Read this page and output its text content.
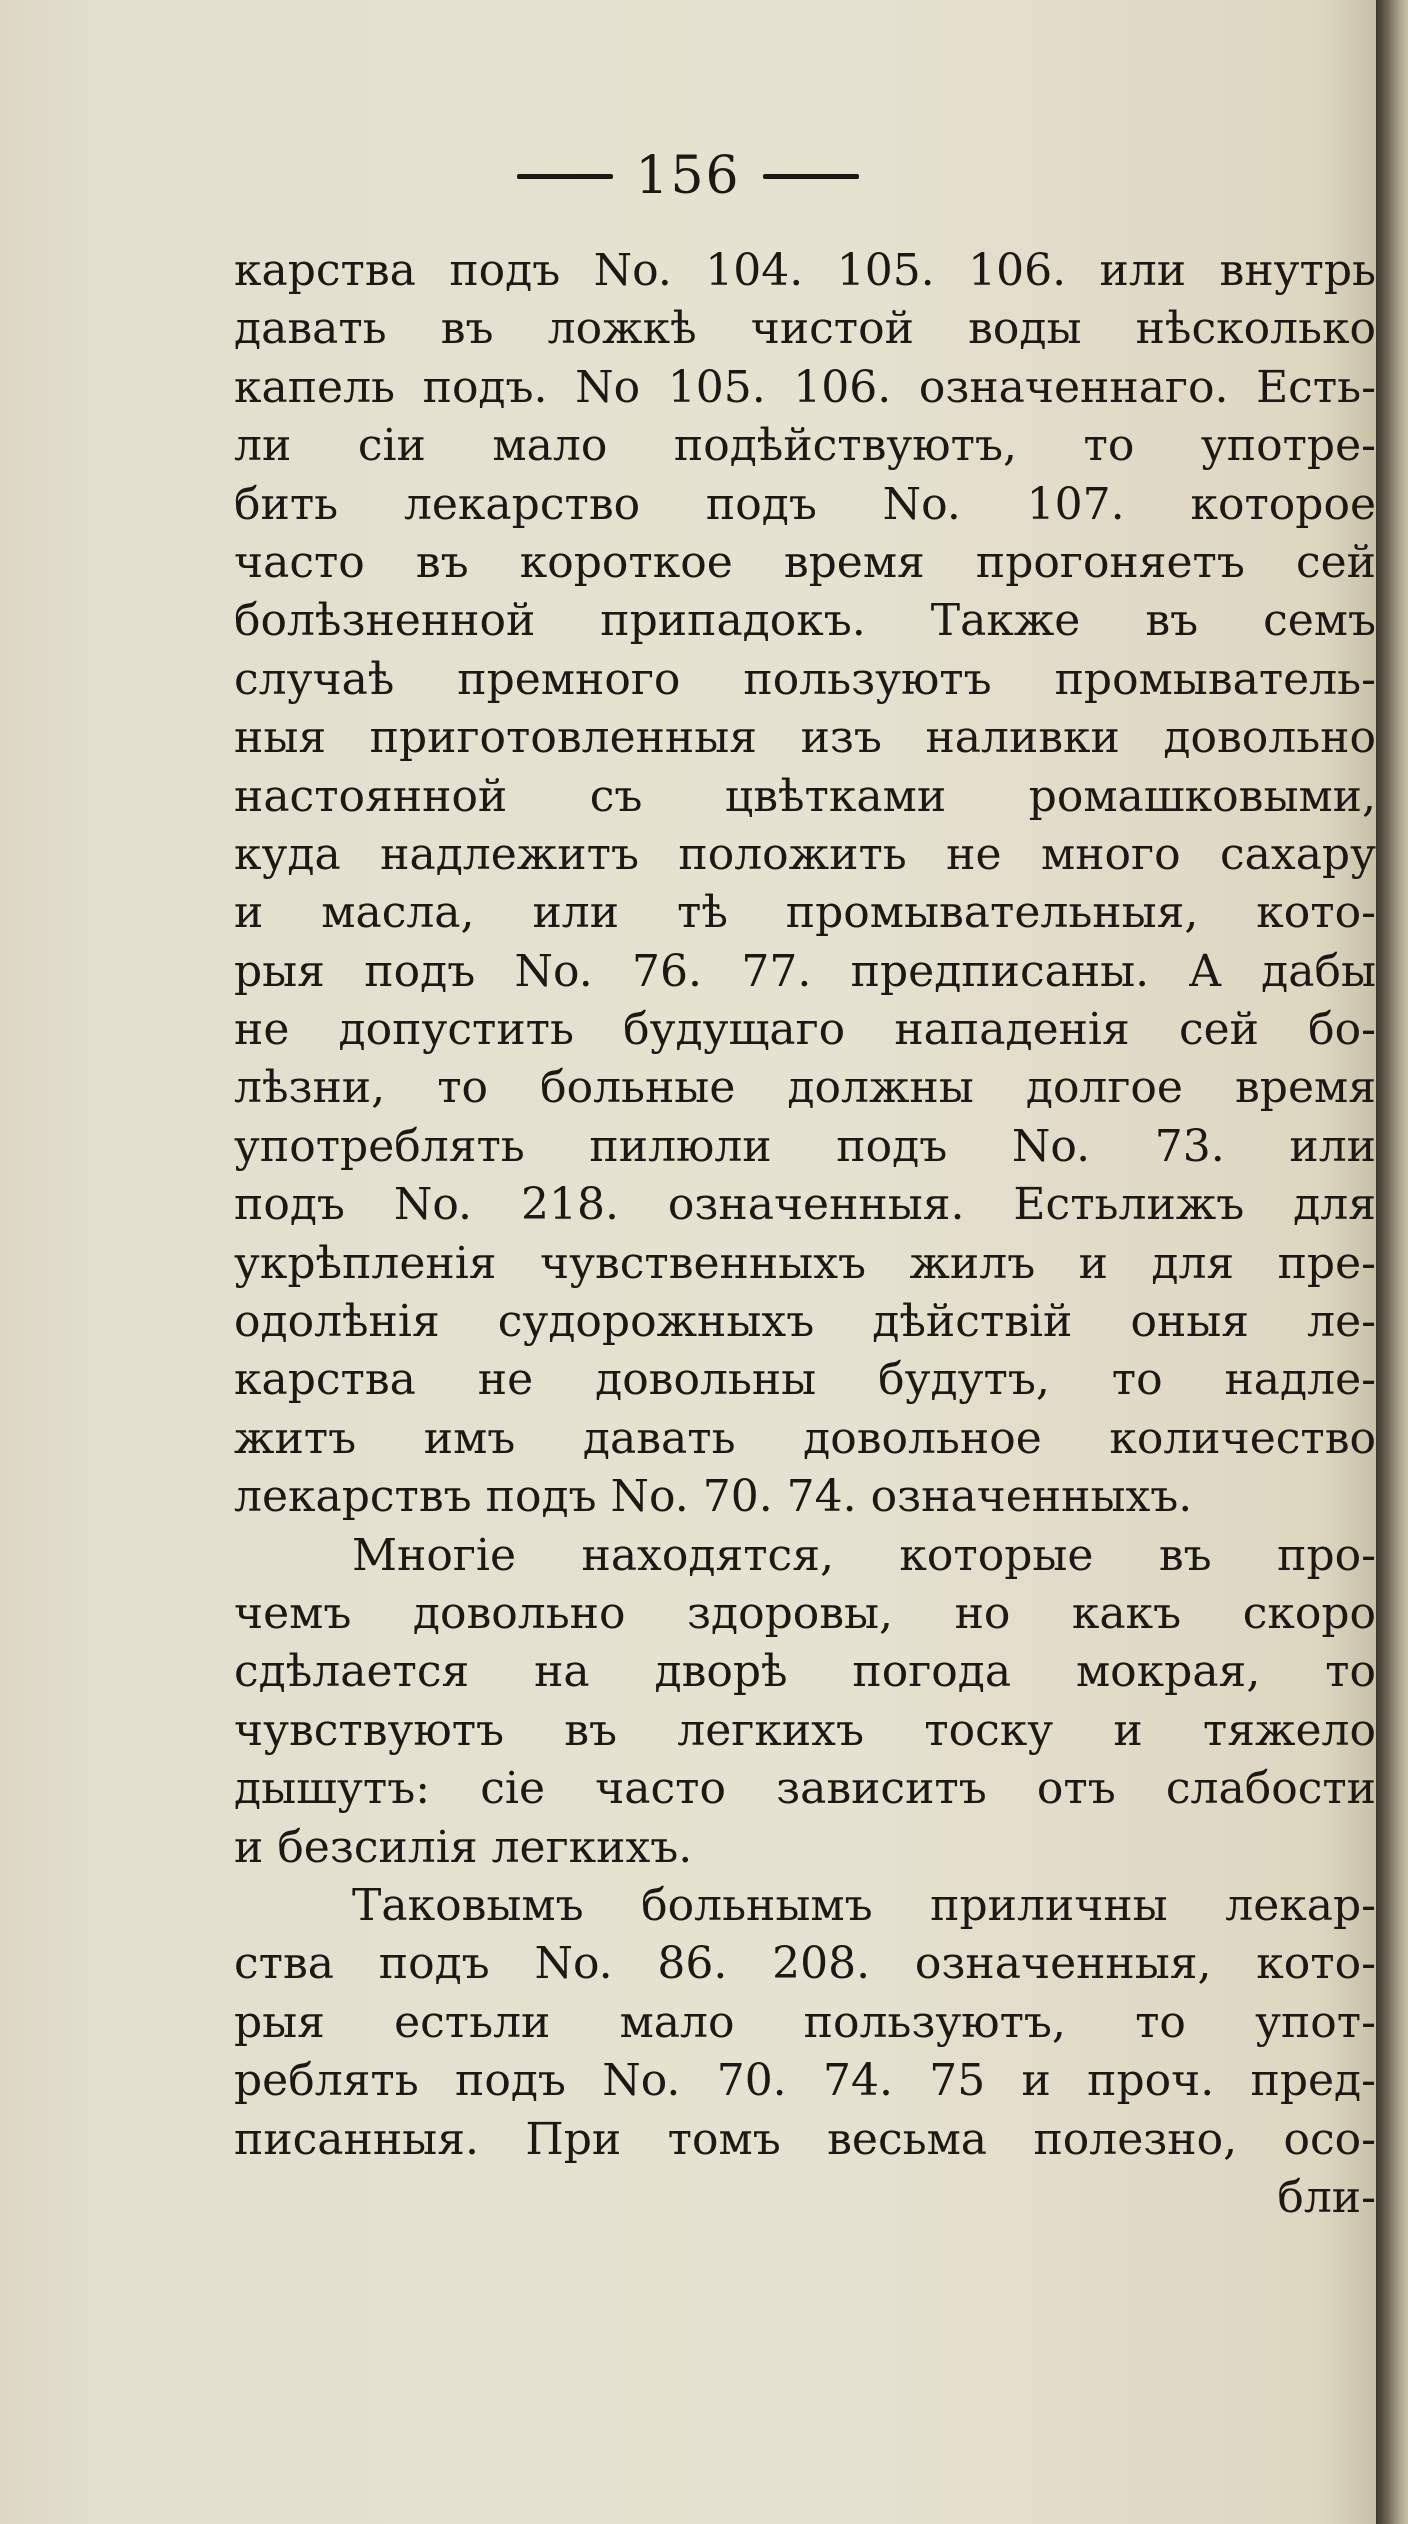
156
карства подъ No. 104. 105. 106. или внутрь
давать въ ложкѣ чистой воды нѣсколько
капель подъ. No 105. 106. означеннаго. Есть-
ли сіи мало подѣйствуютъ, то употре-
бить лекарство подъ No. 107. которое
часто въ короткое время прогоняетъ сей
болѣзненной припадокъ. Также въ семъ
случаѣ премного пользуютъ промыватель-
ныя приготовленныя изъ наливки довольно
настоянной съ цвѣтками ромашковыми,
куда надлежитъ положить не много сахару
и масла, или тѣ промывательныя, кото-
рыя подъ No. 76. 77. предписаны. А дабы
не допустить будущаго нападенія сей бо-
лѣзни, то больные должны долгое время
употреблять пилюли подъ No. 73. или
подъ No. 218. означенныя. Естьлижъ для
укрѣпленія чувственныхъ жилъ и для пре-
одолѣнія судорожныхъ дѣйствій оныя ле-
карства не довольны будутъ, то надле-
житъ имъ давать довольное количество
лекарствъ подъ No. 70. 74. означенныхъ.
Многіе находятся, которые въ про-
чемъ довольно здоровы, но какъ скоро
сдѣлается на дворѣ погода мокрая, то
чувствуютъ въ легкихъ тоску и тяжело
дышутъ: сіе часто зависитъ отъ слабости
и безсилія легкихъ.
Таковымъ больнымъ приличны лекар-
ства подъ No. 86. 208. означенныя, кото-
рыя естьли мало пользуютъ, то упот-
реблять подъ No. 70. 74. 75 и проч. пред-
писанныя. При томъ весьма полезно, осо-
бли-
